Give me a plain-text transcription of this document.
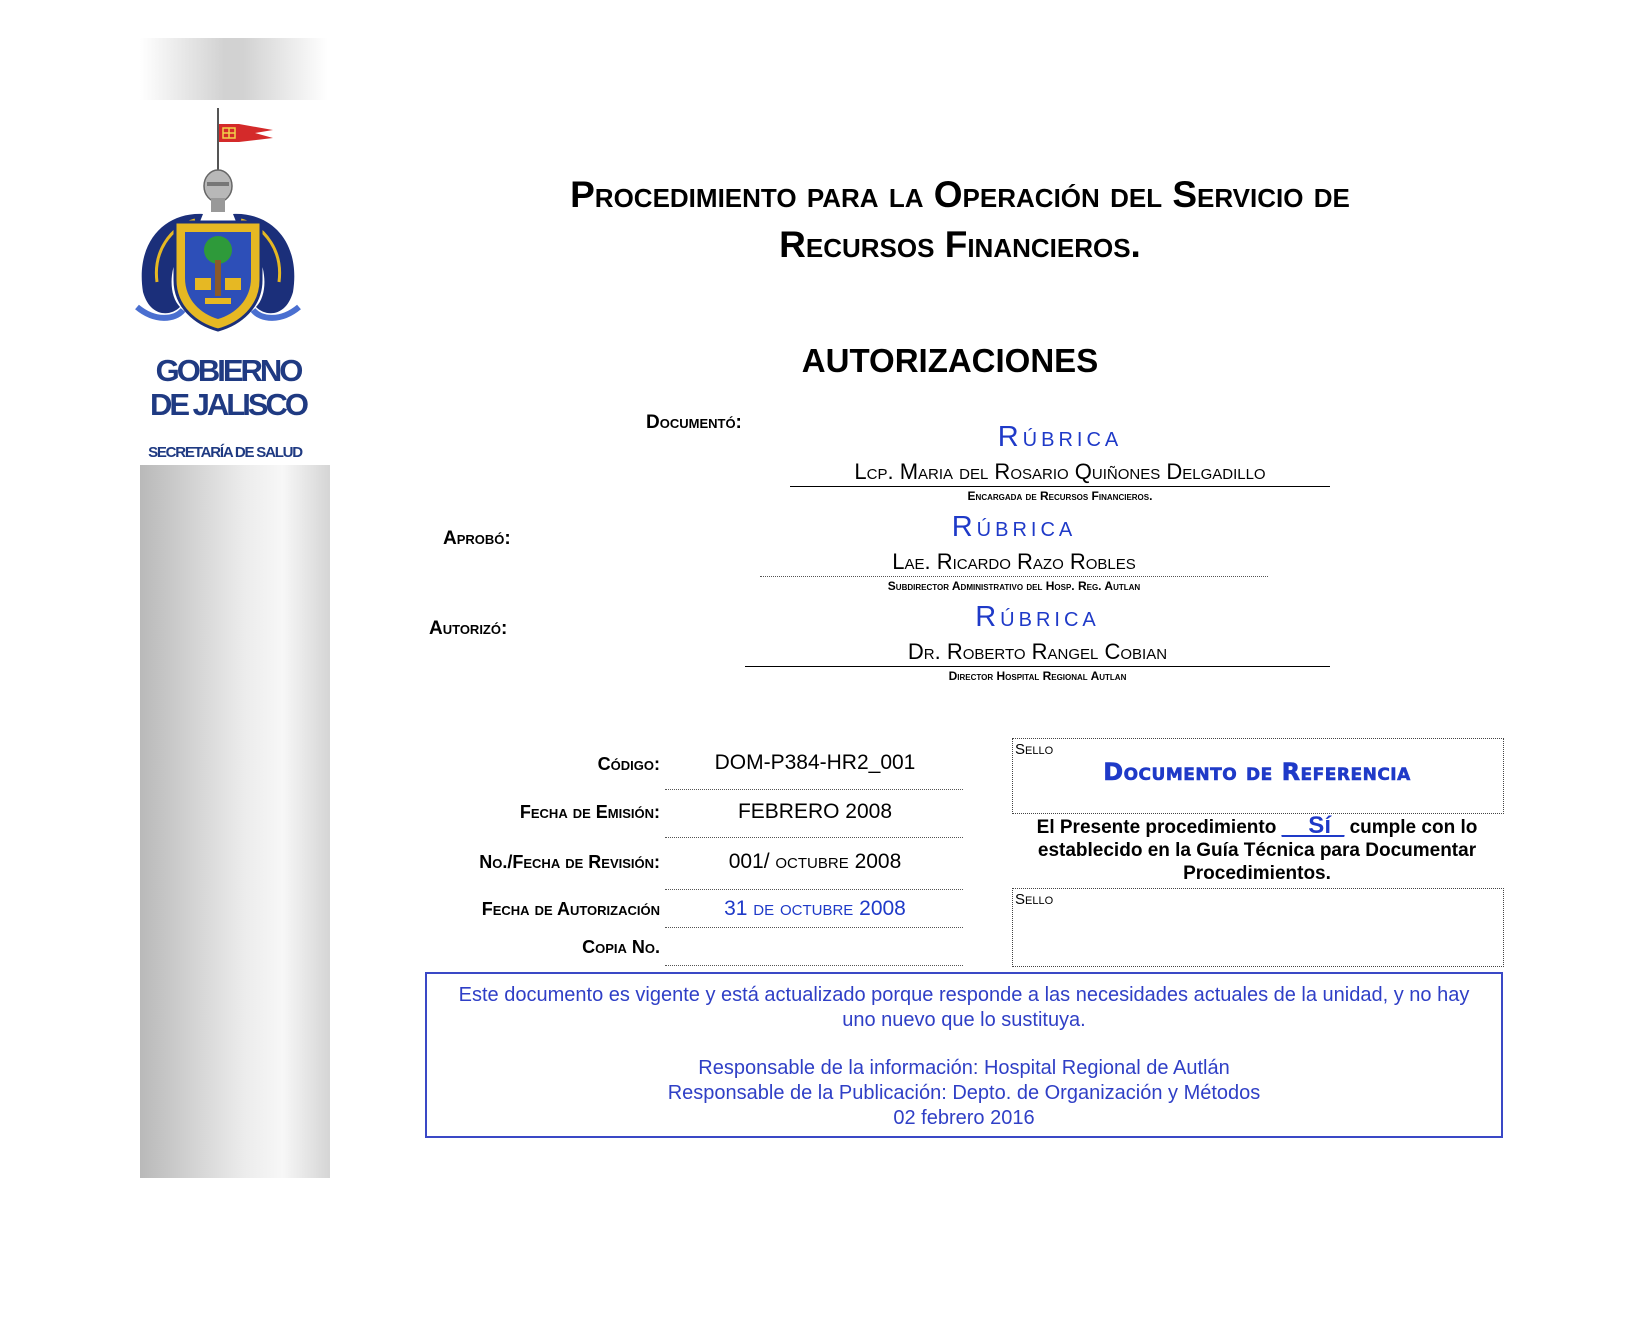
GOBIERNO
DE JALISCO
SECRETARÍA DE SALUD
Procedimiento para la Operación del Servicio de
Recursos Financieros.
AUTORIZACIONES
Documentó:	Rúbrica
Lcp. Maria del Rosario Quiñones Delgadillo
Encargada de Recursos Financieros.
Aprobó:	Rúbrica
Lae. Ricardo Razo Robles
Subdirector Administrativo del Hosp. Reg. Autlan
Autorizó:	Rúbrica
Dr. Roberto Rangel Cobian
Director Hospital Regional Autlan
Código:	DOM-P384-HR2_001
Fecha de Emisión:	FEBRERO 2008
No./Fecha de Revisión:	001/ octubre 2008
Fecha de Autorización	31 de octubre 2008
Copia No.
Sello
Documento de Referencia
El Presente procedimiento __Sí_ cumple con lo establecido en la Guía Técnica para Documentar Procedimientos.
Sello

Este documento es vigente y está actualizado porque responde a las necesidades actuales de la unidad, y no hay uno nuevo que lo sustituya.

Responsable de la información: Hospital Regional de Autlán

Responsable de la Publicación: Depto. de Organización y Métodos

02 febrero 2016
